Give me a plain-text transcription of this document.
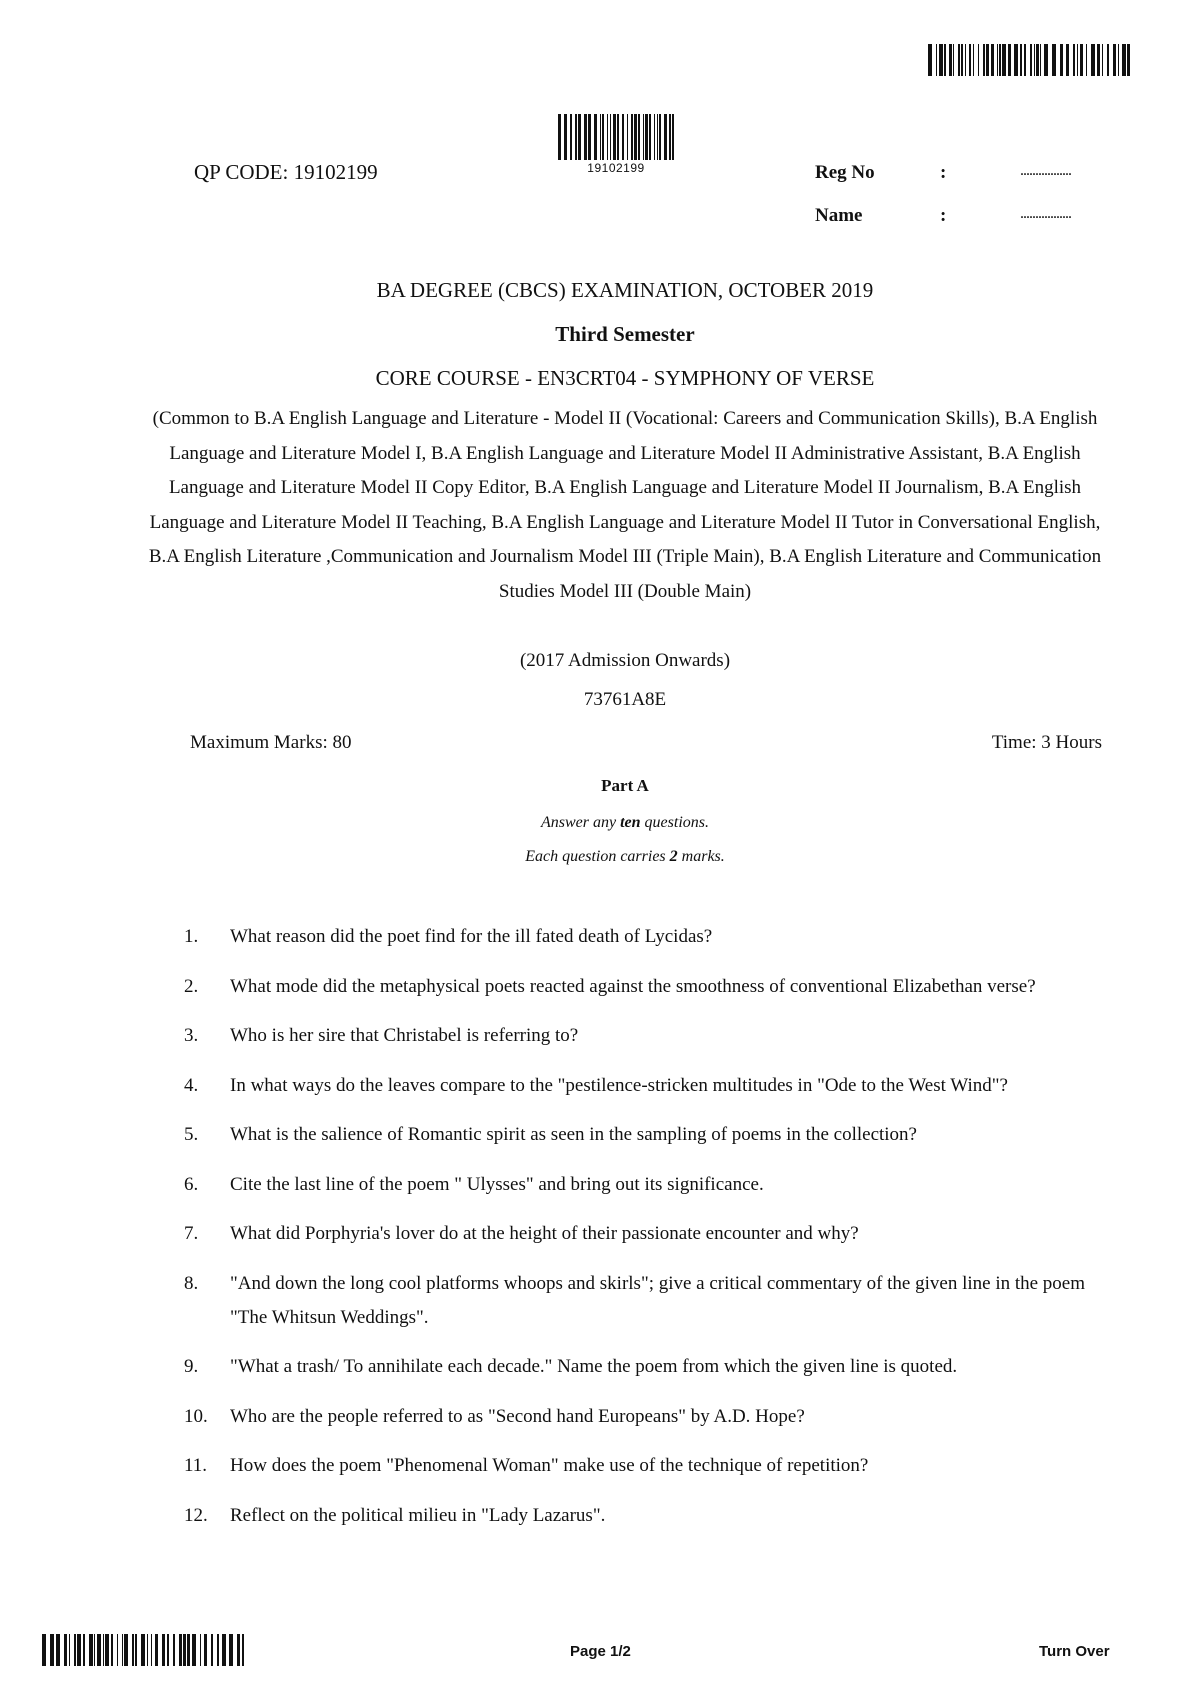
19102199
QP CODE: 19102199	Reg No	:	.................
Name	:	.................
BA DEGREE (CBCS) EXAMINATION, OCTOBER 2019
Third Semester
CORE COURSE - EN3CRT04 - SYMPHONY OF VERSE
(Common to B.A English Language and Literature - Model II (Vocational: Careers and Communication Skills), B.A English Language and Literature Model I, B.A English Language and Literature Model II Administrative Assistant, B.A English Language and Literature Model II Copy Editor, B.A English Language and Literature Model II Journalism, B.A English Language and Literature Model II Teaching, B.A English Language and Literature Model II Tutor in Conversational English, B.A English Literature ,Communication and Journalism Model III (Triple Main), B.A English Literature and Communication Studies Model III (Double Main)
(2017 Admission Onwards)
73761A8E
Maximum Marks: 80	Time: 3 Hours
Part A
Answer any ten questions.
Each question carries 2 marks.
1.	What reason did the poet find for the ill fated death of Lycidas?
2.	What mode did the metaphysical poets reacted against the smoothness of conventional Elizabethan verse?
3.	Who is her sire that Christabel is referring to?
4.	In what ways do the leaves compare to the "pestilence-stricken multitudes in "Ode to the West Wind"?
5.	What is the salience of Romantic spirit as seen in the sampling of poems in the collection?
6.	Cite the last line of the poem " Ulysses" and bring out its significance.
7.	What did Porphyria's lover do at the height of their passionate encounter and why?
8.	"And down the long cool platforms whoops and skirls"; give a critical commentary of the given line in the poem "The Whitsun Weddings".
9.	"What a trash/ To annihilate each decade." Name the poem from which the given line is quoted.
10.	Who are the people referred to as "Second hand Europeans" by A.D. Hope?
11.	How does the poem "Phenomenal Woman" make use of the technique of repetition?
12.	Reflect on the political milieu in "Lady Lazarus".
Page 1/2	Turn Over
